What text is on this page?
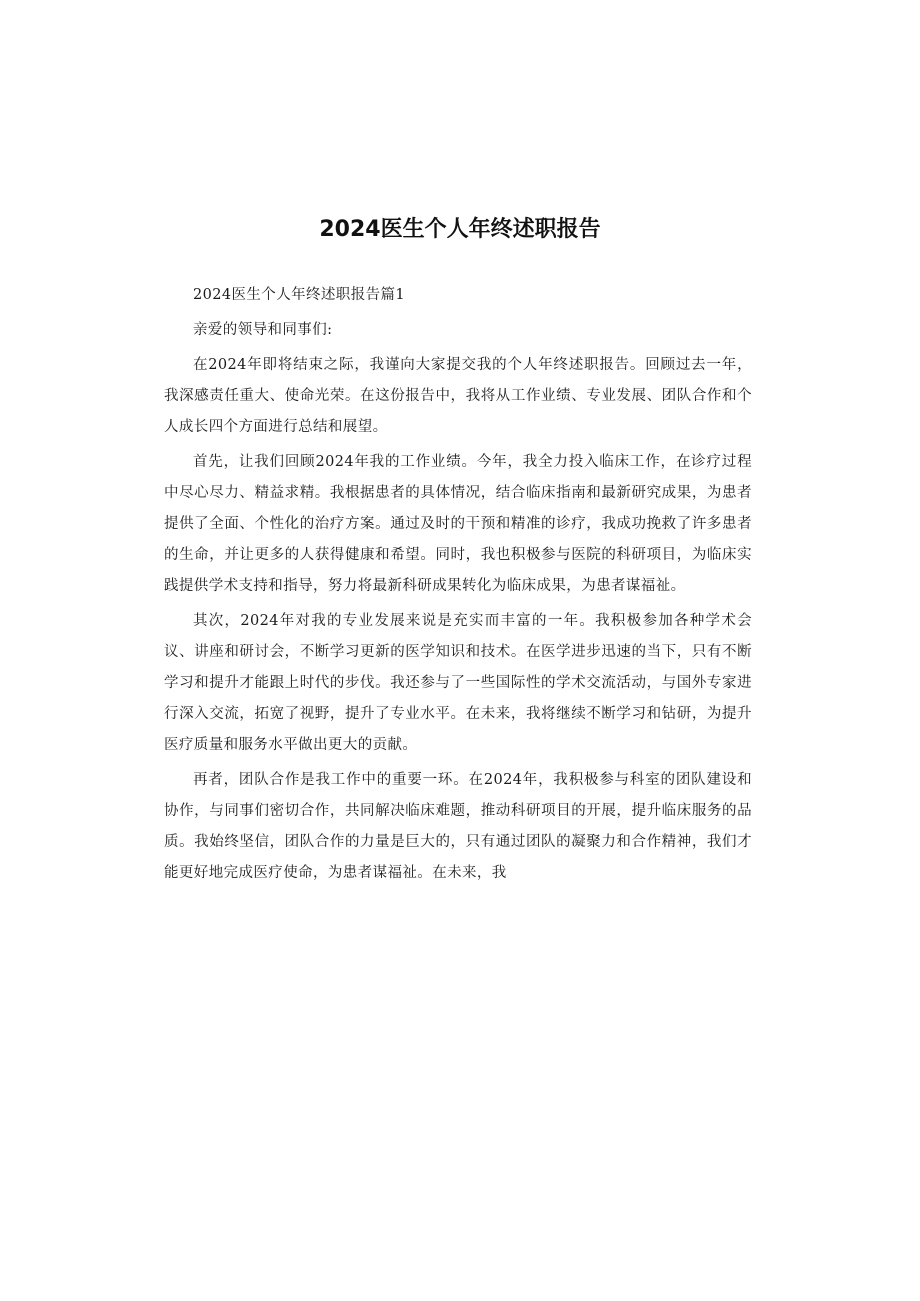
2024医生个人年终述职报告

2024医生个人年终述职报告篇1

亲爱的领导和同事们:

在2024年即将结束之际，我谨向大家提交我的个人年终述职报告。回顾过去一年，我深感责任重大、使命光荣。在这份报告中，我将从工作业绩、专业发展、团队合作和个人成长四个方面进行总结和展望。

首先，让我们回顾2024年我的工作业绩。今年，我全力投入临床工作，在诊疗过程中尽心尽力、精益求精。我根据患者的具体情况，结合临床指南和最新研究成果，为患者提供了全面、个性化的治疗方案。通过及时的干预和精准的诊疗，我成功挽救了许多患者的生命，并让更多的人获得健康和希望。同时，我也积极参与医院的科研项目，为临床实践提供学术支持和指导，努力将最新科研成果转化为临床成果，为患者谋福祉。

其次，2024年对我的专业发展来说是充实而丰富的一年。我积极参加各种学术会议、讲座和研讨会，不断学习更新的医学知识和技术。在医学进步迅速的当下，只有不断学习和提升才能跟上时代的步伐。我还参与了一些国际性的学术交流活动，与国外专家进行深入交流，拓宽了视野，提升了专业水平。在未来，我将继续不断学习和钻研，为提升医疗质量和服务水平做出更大的贡献。

再者，团队合作是我工作中的重要一环。在2024年，我积极参与科室的团队建设和协作，与同事们密切合作，共同解决临床难题，推动科研项目的开展，提升临床服务的品质。我始终坚信，团队合作的力量是巨大的，只有通过团队的凝聚力和合作精神，我们才能更好地完成医疗使命，为患者谋福祉。在未来，我
